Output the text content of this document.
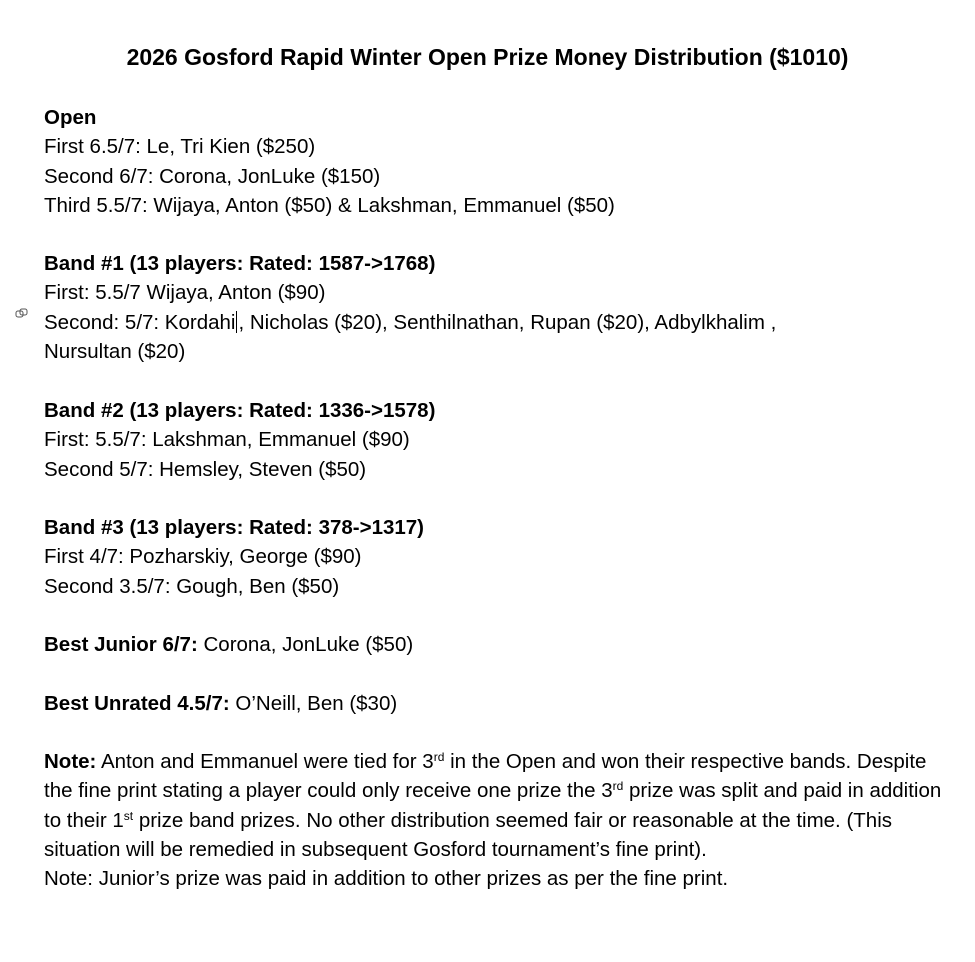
2026 Gosford Rapid Winter Open Prize Money Distribution ($1010)
Open
First 6.5/7: Le, Tri Kien ($250)
Second 6/7: Corona, JonLuke ($150)
Third 5.5/7: Wijaya, Anton ($50) & Lakshman, Emmanuel ($50)
Band #1 (13 players: Rated: 1587->1768)
First: 5.5/7 Wijaya, Anton ($90)
Second: 5/7: Kordahi , Nicholas ($20), Senthilnathan, Rupan ($20), Adbylkhalim ,
Nursultan ($20)
Band #2 (13 players: Rated: 1336->1578)
First: 5.5/7: Lakshman, Emmanuel ($90)
Second 5/7: Hemsley, Steven ($50)
Band #3 (13 players: Rated: 378->1317)
First 4/7: Pozharskiy, George ($90)
Second 3.5/7: Gough, Ben ($50)
Best Junior 6/7: Corona, JonLuke ($50)
Best Unrated 4.5/7: O’Neill, Ben ($30)
Note: Anton and Emmanuel were tied for 3rd in the Open and won their respective bands. Despite the fine print stating a player could only receive one prize the 3rd prize was split and paid in addition to their 1st prize band prizes. No other distribution seemed fair or reasonable at the time. (This situation will be remedied in subsequent Gosford tournament’s fine print).
Note: Junior’s prize was paid in addition to other prizes as per the fine print.
